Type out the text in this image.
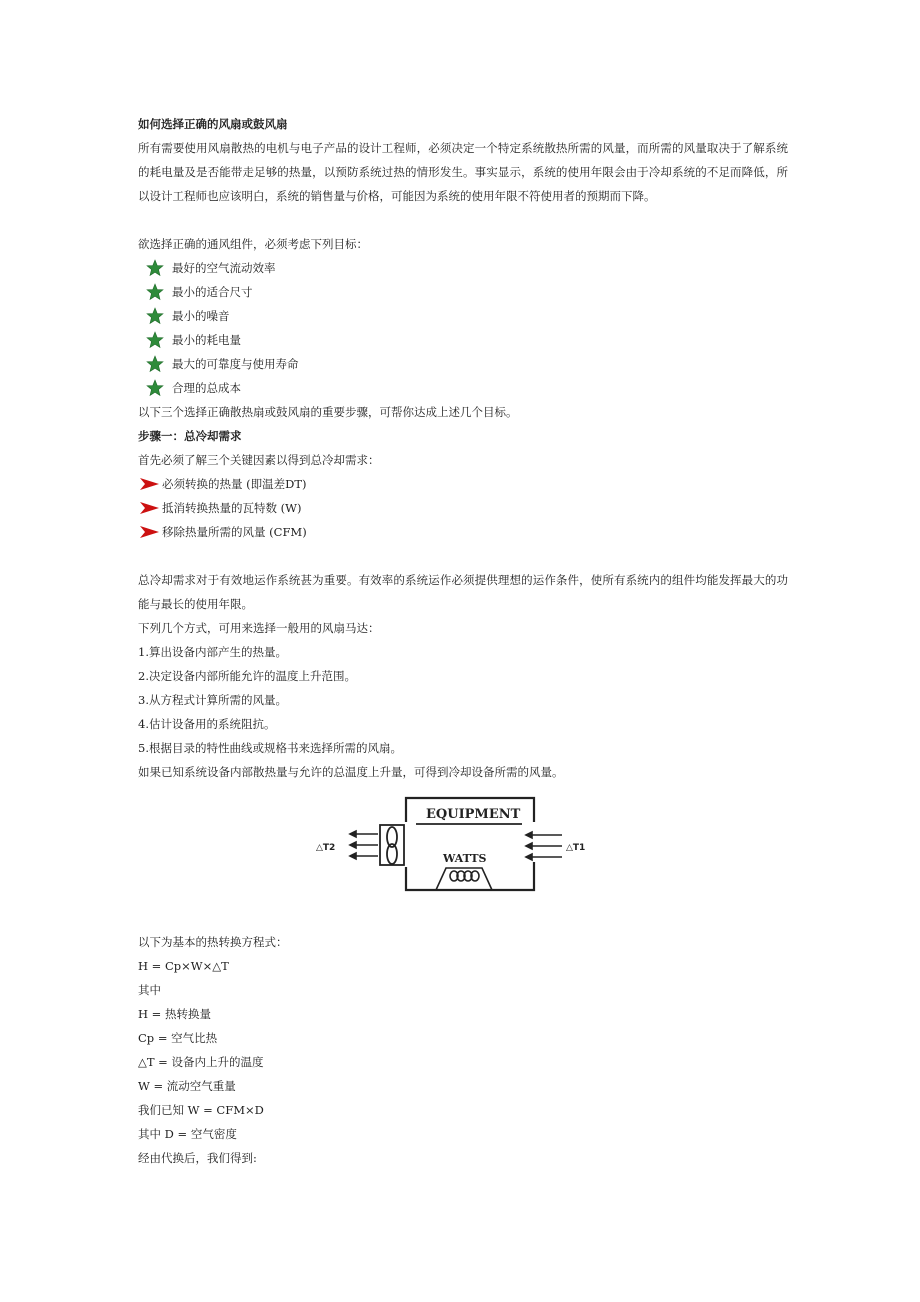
如何选择正确的风扇或鼓风扇
所有需要使用风扇散热的电机与电子产品的设计工程师，必须决定一个特定系统散热所需的风量，而所需的风量取决于了解系统的耗电量及是否能带走足够的热量，以预防系统过热的情形发生。事实显示，系统的使用年限会由于冷却系统的不足而降低，所以设计工程师也应该明白，系统的销售量与价格，可能因为系统的使用年限不符使用者的预期而下降。
欲选择正确的通风组件，必须考虑下列目标：
最好的空气流动效率
最小的适合尺寸
最小的噪音
最小的耗电量
最大的可靠度与使用寿命
合理的总成本
以下三个选择正确散热扇或鼓风扇的重要步骤，可帮你达成上述几个目标。
步骤一：总冷却需求
首先必须了解三个关键因素以得到总冷却需求：
必须转换的热量 (即温差DT)
抵消转换热量的瓦特数 (W)
移除热量所需的风量 (CFM)
总冷却需求对于有效地运作系统甚为重要。有效率的系统运作必须提供理想的运作条件，使所有系统内的组件均能发挥最大的功能与最长的使用年限。
下列几个方式，可用来选择一般用的风扇马达：
1.算出设备内部产生的热量。
2.决定设备内部所能允许的温度上升范围。
3.从方程式计算所需的风量。
4.估计设备用的系统阻抗。
5.根据目录的特性曲线或规格书来选择所需的风扇。
如果已知系统设备内部散热量与允许的总温度上升量，可得到冷却设备所需的风量。
△T2
EQUIPMENT
WATTS
△T1
以下为基本的热转换方程式：
H = Cp×W×△T
其中
H = 热转换量
Cp = 空气比热
△T = 设备内上升的温度
W = 流动空气重量
我们已知 W = CFM×D
其中 D = 空气密度
经由代换后，我们得到:
